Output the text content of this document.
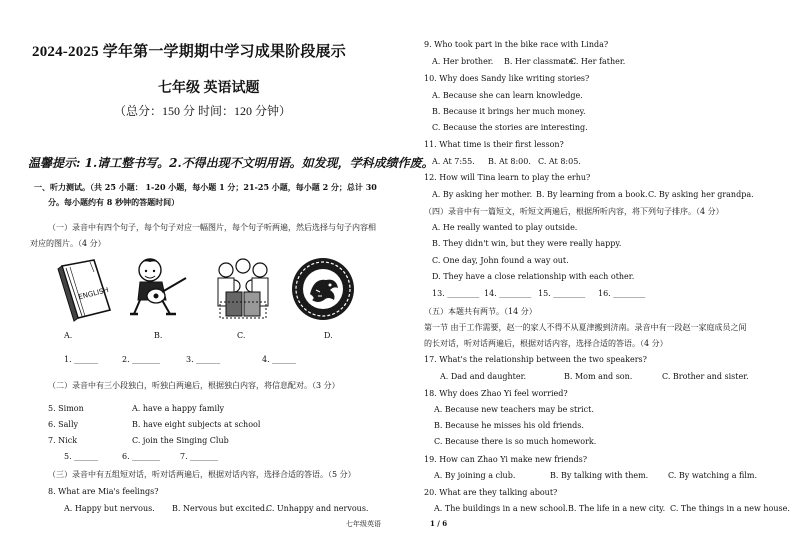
2024-2025 学年第一学期期中学习成果阶段展示
七年级 英语试题
（总分：150 分 时间：120 分钟）
温馨提示: 1.请工整书写。2.不得出现不文明用语。如发现，学科成绩作废。
一、听力测试。（共 25 小题： 1-20 小题，每小题 1 分；21-25 小题，每小题 2 分；总计 30
分。每小题约有 8 秒钟的答题时间）
（一）录音中有四个句子，每个句子对应一幅图片，每个句子听两遍，然后选择与句子内容相
对应的图片。（4 分）
ENGLISH
A.	B.	C.	D.
1. ______	2. _______	3. ______	4. ______
（二）录音中有三小段独白，听独白两遍后，根据独白内容，将信息配对。（3 分）
5. Simon	A. have a happy family
6. Sally	B. have eight subjects at school
7. Nick	C. join the Singing Club
5. ______	6. _______ 7. _______
（三）录音中有五组短对话，听对话两遍后，根据对话内容，选择合适的答语。（5 分）
8. What are Mia's feelings?
A. Happy but nervous. B. Nervous but excited.
C. Unhappy and nervous.
9. Who took part in the bike race with Linda?
A. Her brother. B. Her classmate.
C. Her father.
10. Why does Sandy like writing stories?
A. Because she can learn knowledge.
B. Because it brings her much money.
C. Because the stories are interesting.
11. What time is their first lesson?
A. At 7:55. B. At 8:00. C. At 8:05.
12. How will Tina learn to play the erhu?
A. By asking her mother. B. By learning from a book. C. By asking her grandpa.
（四）录音中有一篇短文，听短文两遍后，根据所听内容，将下列句子排序。（4 分）
A. He really wanted to play outside.
B. They didn't win, but they were really happy.
C. One day, John found a way out.
D. They have a close relationship with each other.
13. ________ 14. ________ 15. ________ 16. ________
（五）本题共有两节。（14 分）
第一节 由于工作需要，赵一的家人不得不从夏津搬到济南。录音中有一段赵一家庭成员之间
的长对话，听对话两遍后，根据对话内容，选择合适的答语。（4 分）
17. What's the relationship between the two speakers?
A. Dad and daughter.	B. Mom and son.	C. Brother and sister.
18. Why does Zhao Yi feel worried?
A. Because new teachers may be strict.
B. Because he misses his old friends.
C. Because there is so much homework.
19. How can Zhao Yi make new friends?
A. By joining a club.	B. By talking with them. C. By watching a film.
20. What are they talking about?
A. The buildings in a new school. B. The life in a new city. C. The things in a new house.
七年级英语	1 / 6
